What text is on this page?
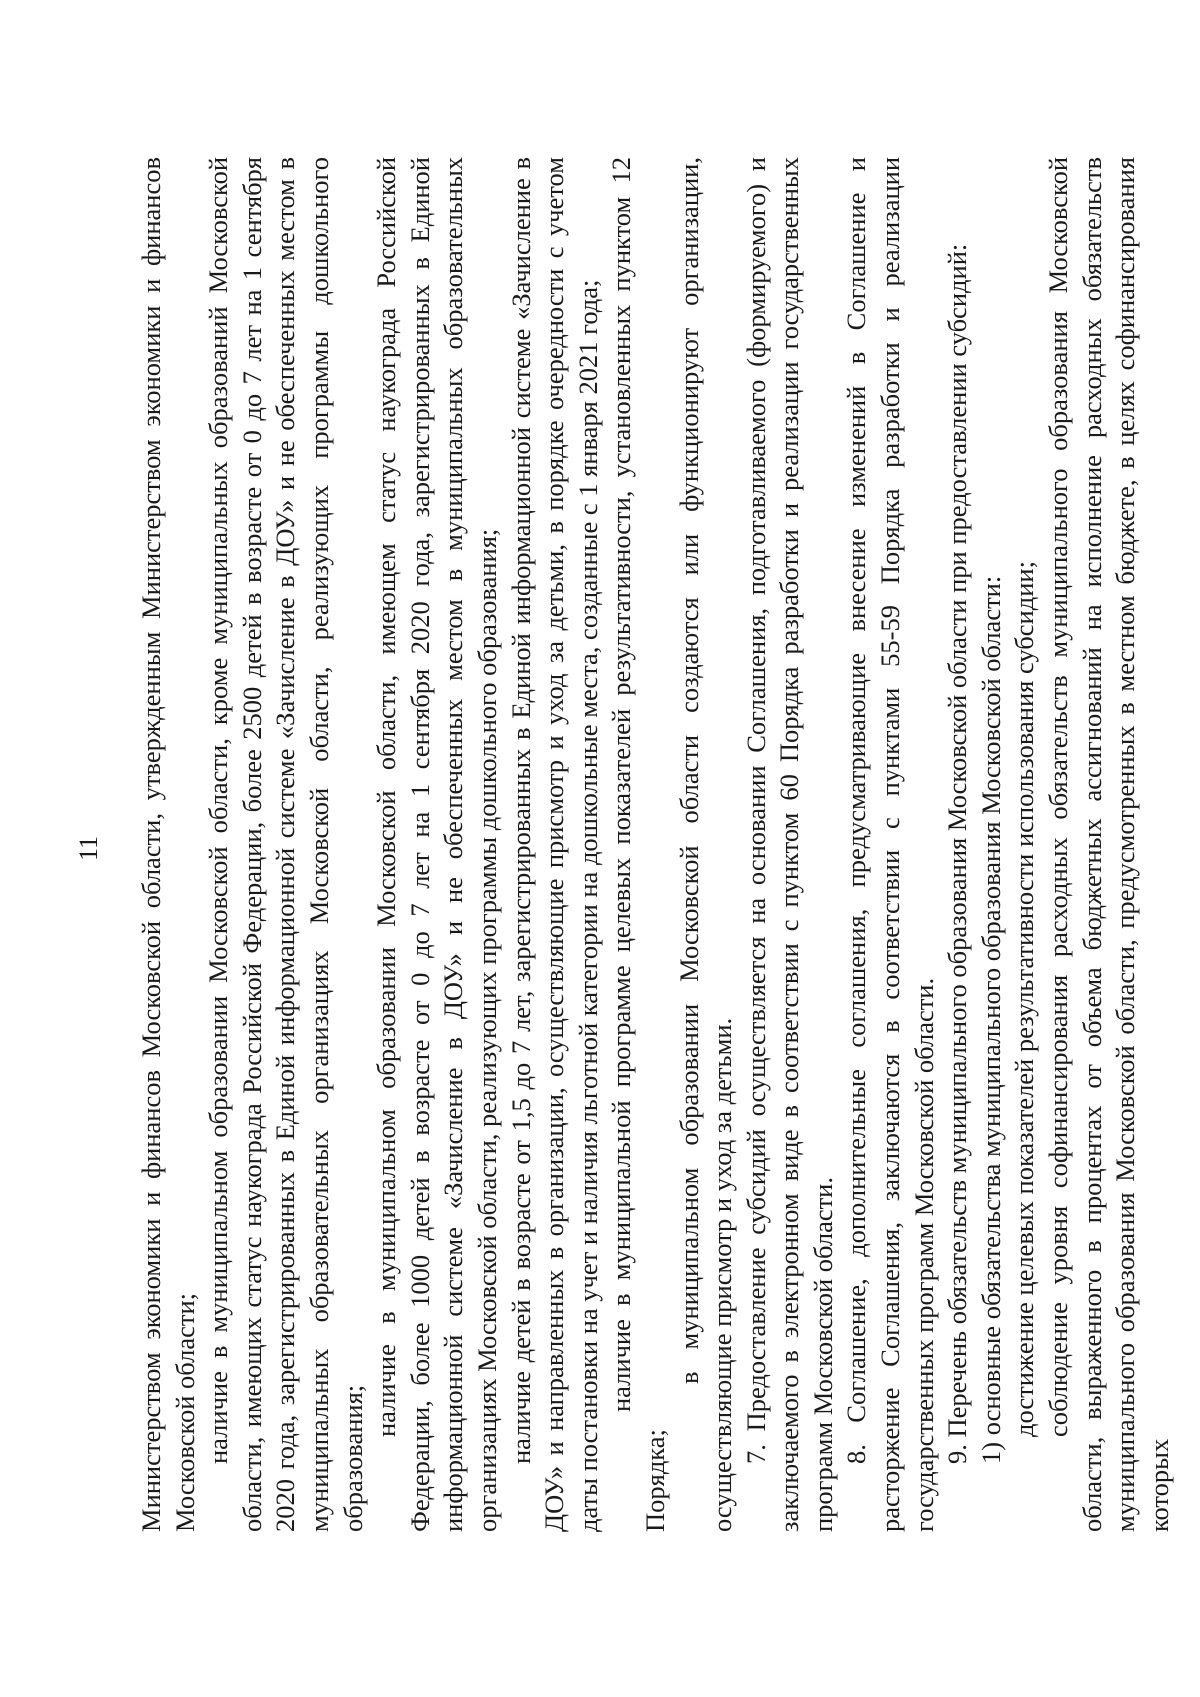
11 Министерством экономики и финансов Московской области, утвержденным Министерством экономики и финансов Московской области; наличие в муниципальном образовании Московской области, кроме муниципальных образований Московской области, имеющих статус наукограда Российской Федерации, более 2500 детей в возрасте от 0 до 7 лет на 1 сентября 2020 года, зарегистрированных в Единой информационной системе «Зачисление в ДОУ» и не обеспеченных местом в муниципальных образовательных организациях Московской области, реализующих программы дошкольного образования;

наличие в муниципальном образовании Московской области, имеющем статус наукограда Российской Федерации, более 1000 детей в возрасте от 0 до 7 лет на 1 сентября 2020 года, зарегистрированных в Единой информационной системе «Зачисление в ДОУ» и не обеспеченных местом в муниципальных образовательных организациях Московской области, реализующих программы дошкольного образования; наличие детей в возрасте от 1,5 до 7 лет, зарегистрированных в Единой информационной системе «Зачисление в ДОУ» и направленных в организации, осуществляющие присмотр и уход за детьми, в порядке очередности с учетом даты постановки на учет и наличия льготной категории на дошкольные места, созданные с 1 января 2021 года; наличие в муниципальной программе целевых показателей результативности, установленных пунктом 12 Порядка;

в муниципальном образовании Московской области создаются или функционируют организации, осуществляющие присмотр и уход за детьми. 7. Предоставление субсидий осуществляется на основании Соглашения, подготавливаемого (формируемого) и заключаемого в электронном виде в соответствии с пунктом 60 Порядка разработки и реализации государственных программ Московской области. 8. Соглашение, дополнительные соглашения, предусматривающие внесение изменений в Соглашение и расторжение Соглашения, заключаются в соответствии с пунктами 55-59 Порядка разработки и реализации государственных программ Московской области. 9. Перечень обязательств муниципального образования Московской области при предоставлении субсидий: 1) основные обязательства муниципального образования Московской области: достижение целевых показателей результативности использования субсидии; соблюдение уровня софинансирования расходных обязательств муниципального образования Московской области, выраженного в процентах от объема бюджетных ассигнований на исполнение расходных обязательств муниципального образования Московской области, предусмотренных в местном бюджете, в целях софинансирования которых
